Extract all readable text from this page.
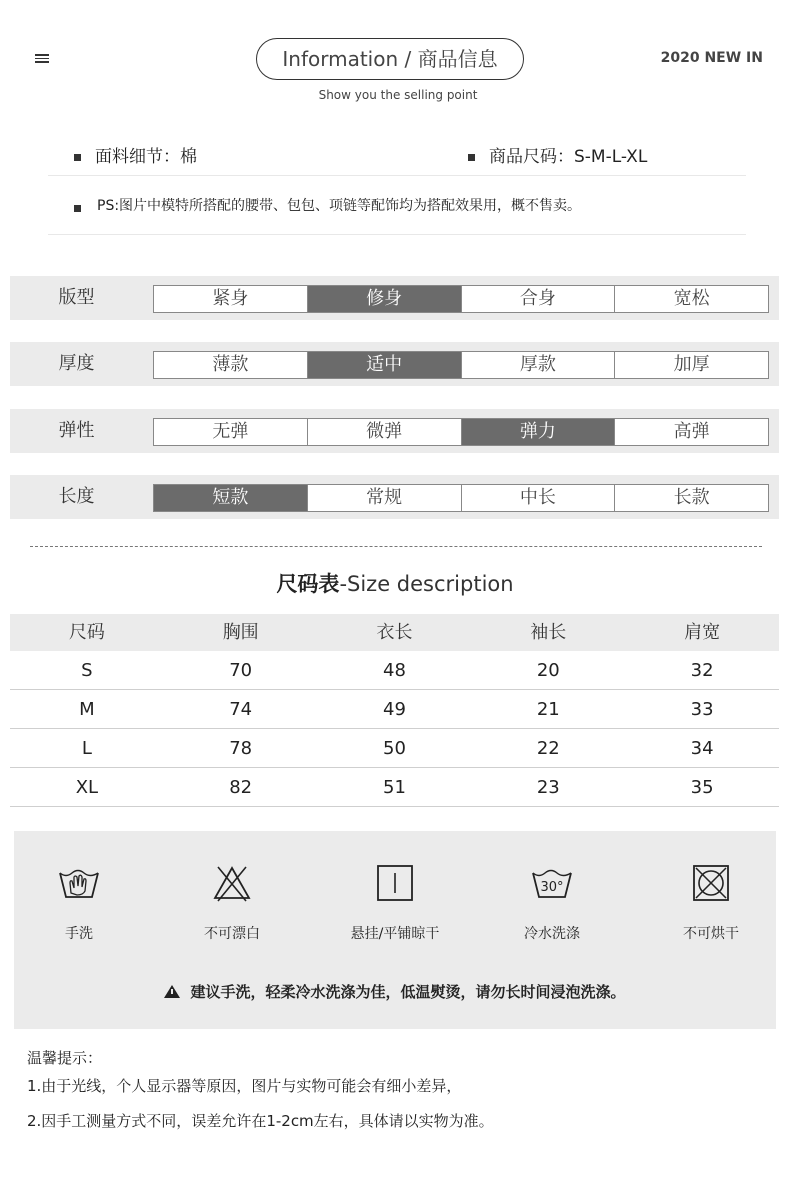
Information / 商品信息
Show you the selling point
2020 NEW IN
面料细节：棉	商品尺码：S-M-L-XL
PS:图片中模特所搭配的腰带、包包、项链等配饰均为搭配效果用，概不售卖。
版型	紧身	修身	合身	宽松
厚度	薄款	适中	厚款	加厚
弹性	无弹	微弹	弹力	高弹
长度	短款	常规	中长	长款
尺码表-Size description
尺码	胸围	衣长	袖长	肩宽
S	70	48	20	32
M	74	49	21	33
L	78	50	22	34
XL	82	51	23	35
手洗	不可漂白	悬挂/平铺晾干
30°
冷水洗涤	不可烘干
建议手洗，轻柔冷水洗涤为佳，低温熨烫，请勿长时间浸泡洗涤。
温馨提示：
1.由于光线，个人显示器等原因，图片与实物可能会有细小差异，
2.因手工测量方式不同，误差允许在1-2cm左右，具体请以实物为准。
